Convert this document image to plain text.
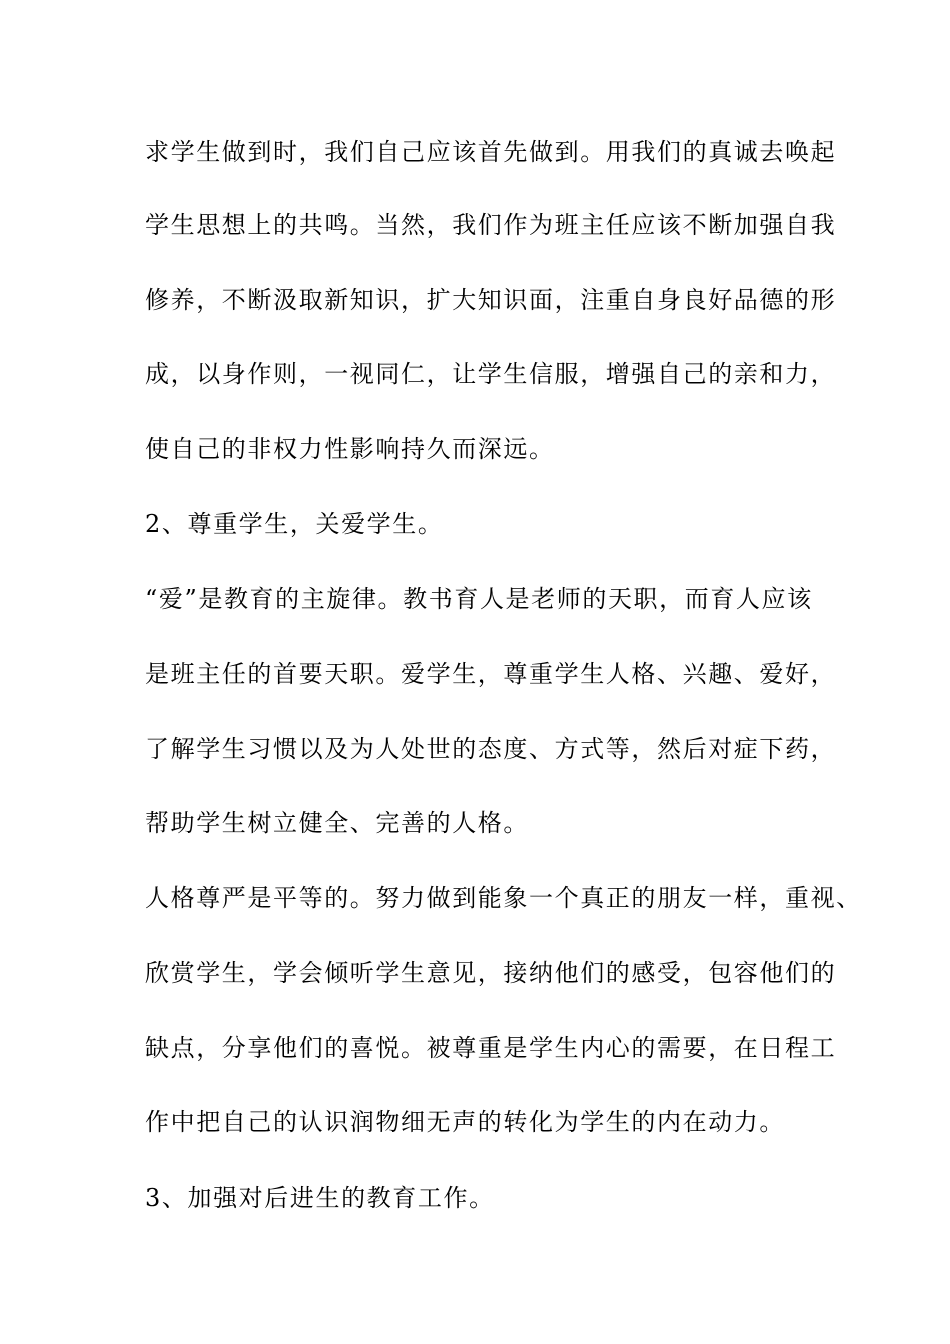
求学生做到时，我们自己应该首先做到。用我们的真诚去唤起
学生思想上的共鸣。当然，我们作为班主任应该不断加强自我
修养，不断汲取新知识，扩大知识面，注重自身良好品德的形
成，以身作则，一视同仁，让学生信服，增强自己的亲和力，
使自己的非权力性影响持久而深远。
2、尊重学生，关爱学生。
“爱”是教育的主旋律。教书育人是老师的天职，而育人应该
是班主任的首要天职。爱学生，尊重学生人格、兴趣、爱好，
了解学生习惯以及为人处世的态度、方式等，然后对症下药，
帮助学生树立健全、完善的人格。
人格尊严是平等的。努力做到能象一个真正的朋友一样，重视、
欣赏学生，学会倾听学生意见，接纳他们的感受，包容他们的
缺点，分享他们的喜悦。被尊重是学生内心的需要，在日程工
作中把自己的认识润物细无声的转化为学生的内在动力。
3、加强对后进生的教育工作。
